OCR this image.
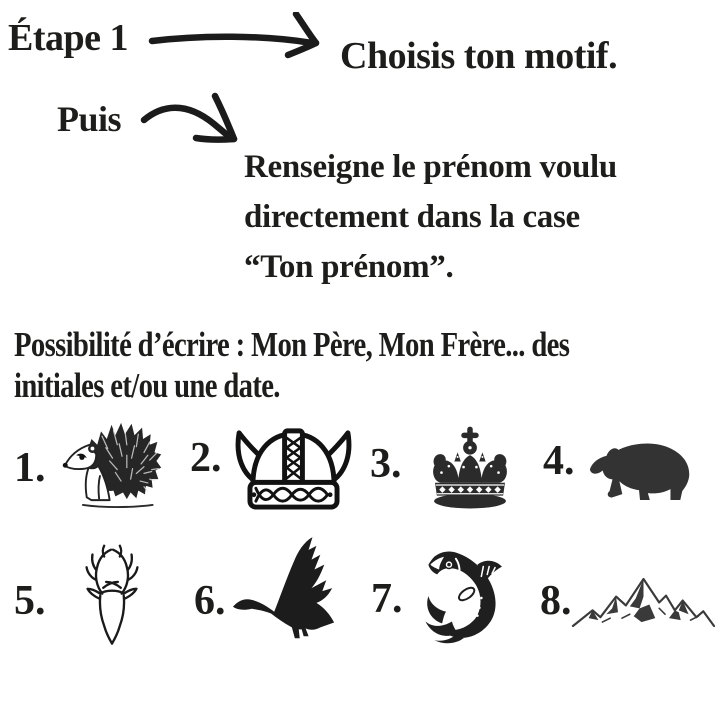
Étape 1	Choisis ton motif.
Puis
Renseigne le prénom voulu
directement dans la case
“Ton prénom”.
Possibilité d’écrire : Mon Père, Mon Frère... des
initiales et/ou une date.
1.	2.	3.	4.
5.	6.	7.	8.
